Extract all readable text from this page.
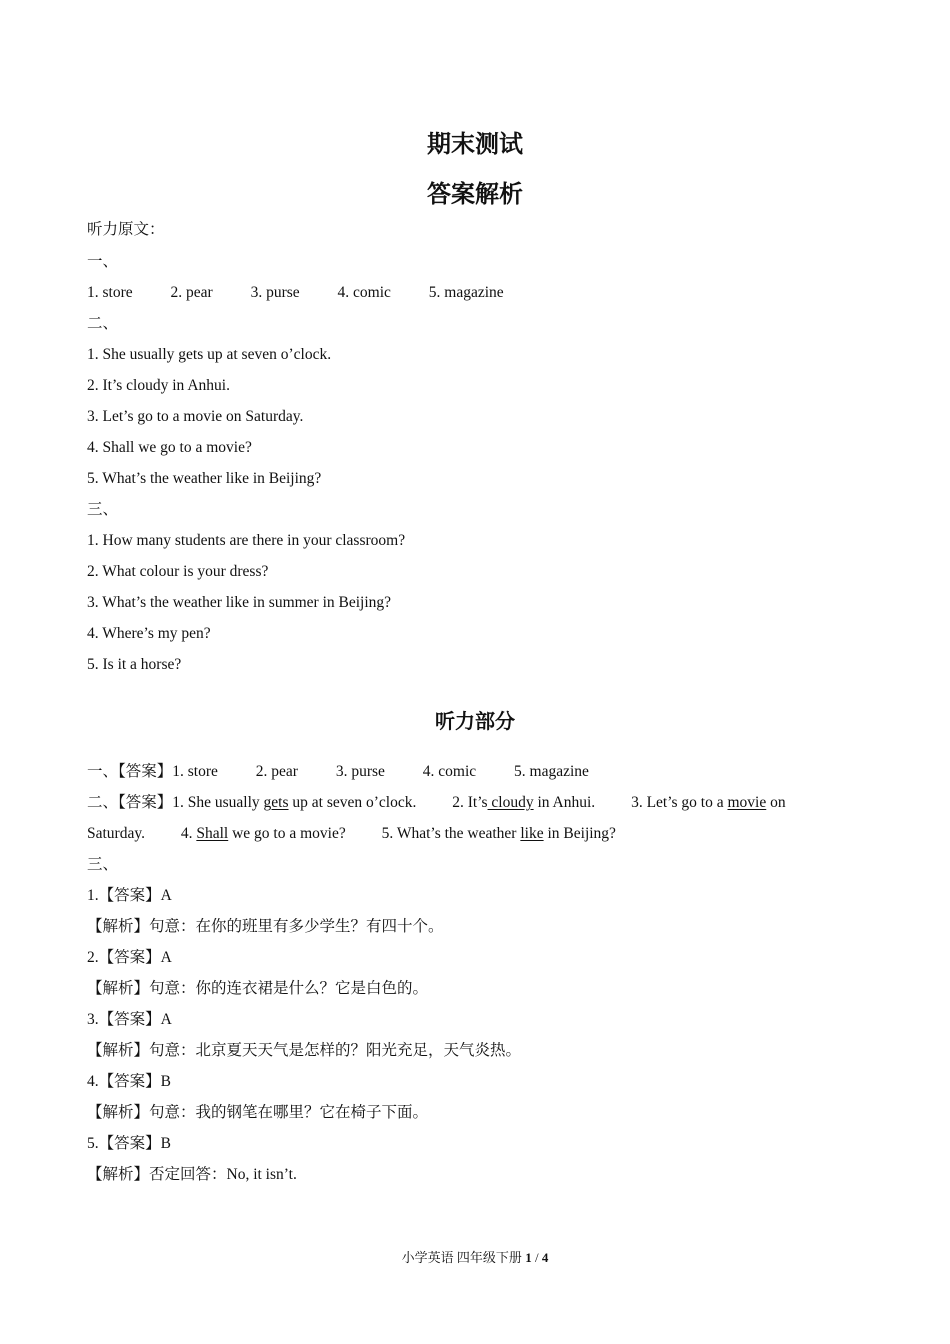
期末测试
答案解析
听力原文：
一、
1. store 2. pear 3. purse 4. comic 5. magazine
二、
1. She usually gets up at seven o’clock.
2. It’s cloudy in Anhui.
3. Let’s go to a movie on Saturday.
4. Shall we go to a movie?
5. What’s the weather like in Beijing?
三、
1. How many students are there in your classroom?
2. What colour is your dress?
3. What’s the weather like in summer in Beijing?
4. Where’s my pen?
5. Is it a horse?
听力部分
一、【答案】1. store 2. pear 3. purse 4. comic 5. magazine
二、【答案】1. She usually gets up at seven o’clock. 2. It’s cloudy in Anhui. 3. Let’s go to a movie on
Saturday. 4. Shall we go to a movie? 5. What’s the weather like in Beijing?
三、
1.【答案】A
【解析】句意：在你的班里有多少学生？有四十个。
2.【答案】A
【解析】句意：你的连衣裙是什么？它是白色的。
3.【答案】A
【解析】句意：北京夏天天气是怎样的？阳光充足，天气炎热。
4.【答案】B
【解析】句意：我的钢笔在哪里？它在椅子下面。
5.【答案】B
【解析】否定回答：No, it isn’t.
小学英语 四年级下册 1 / 4
